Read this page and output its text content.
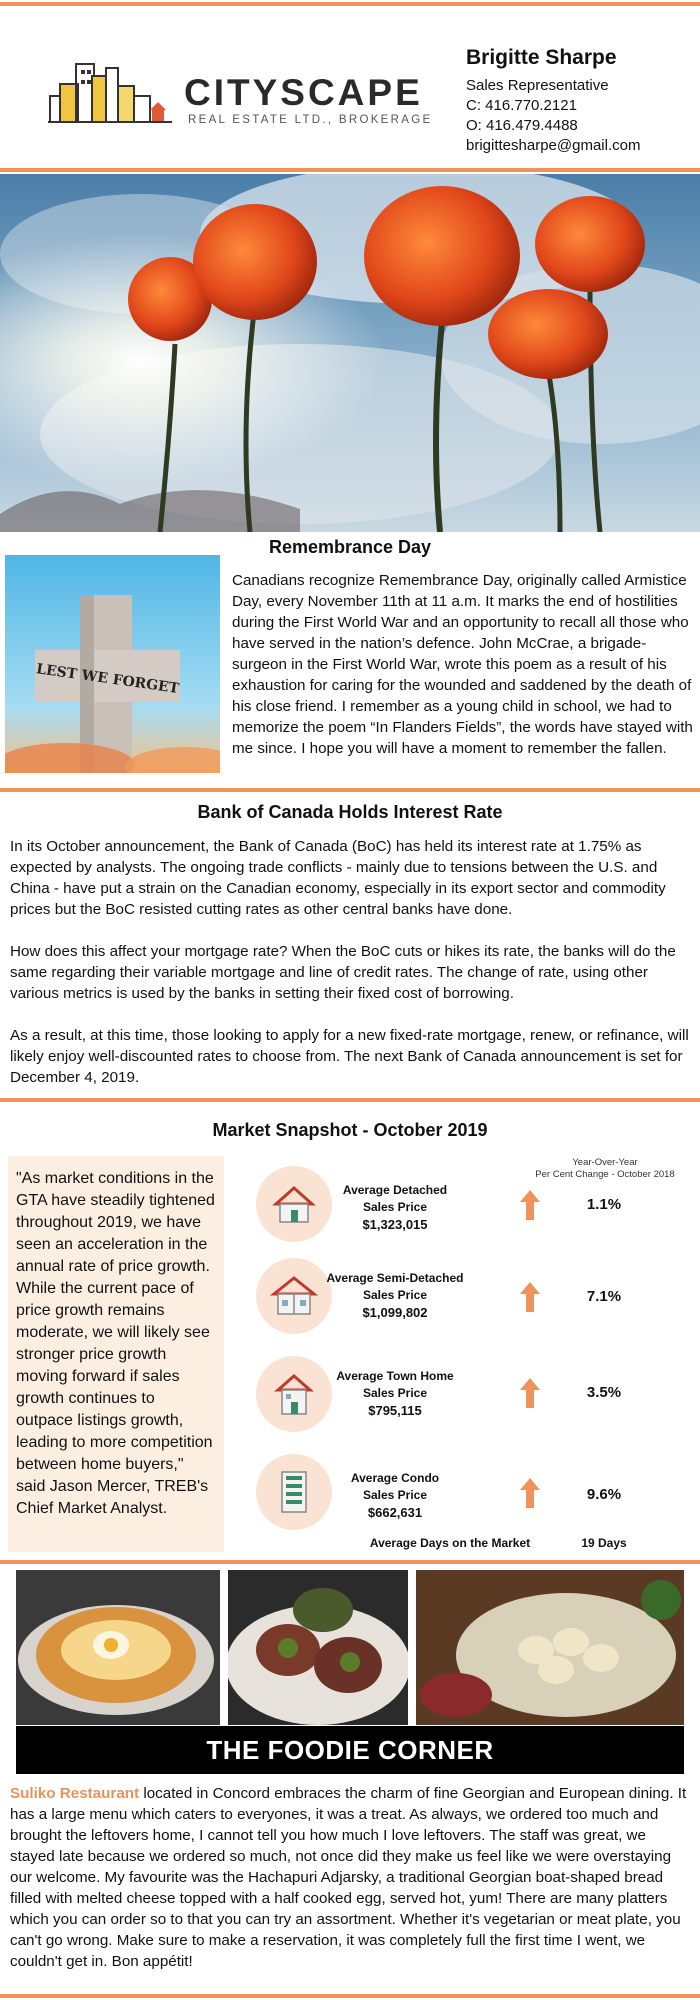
CITYSCAPE
REAL ESTATE LTD., BROKERAGE
Brigitte Sharpe
Sales Representative
C: 416.770.2121
O: 416.479.4488
brigittesharpe@gmail.com
Remembrance Day
LEST WE FORGET
Canadians recognize Remembrance Day, originally called Armistice Day, every November 11th at 11 a.m. It marks the end of hostilities during the First World War and an opportunity to recall all those who have served in the nation’s defence. John McCrae, a brigade-surgeon in the First World War, wrote this poem as a result of his exhaustion for caring for the wounded and saddened by the death of his close friend. I remember as a young child in school, we had to memorize the poem “In Flanders Fields”, the words have stayed with me since. I hope you will have a moment to remember the fallen.
Bank of Canada Holds Interest Rate

In its October announcement, the Bank of Canada (BoC) has held its interest rate at 1.75% as expected by analysts. The ongoing trade conflicts - mainly due to tensions between the U.S. and China - have put a strain on the Canadian economy, especially in its export sector and commodity prices but the BoC resisted cutting rates as other central banks have done.

How does this affect your mortgage rate? When the BoC cuts or hikes its rate, the banks will do the same regarding their variable mortgage and line of credit rates. The change of rate, using other various metrics is used by the banks in setting their fixed cost of borrowing.

As a result, at this time, those looking to apply for a new fixed-rate mortgage, renew, or refinance, will likely enjoy well-discounted rates to choose from. The next Bank of Canada announcement is set for December 4, 2019.

Market Snapshot - October 2019
"As market conditions in the GTA have steadily tightened throughout 2019, we have seen an acceleration in the annual rate of price growth. While the current pace of price growth remains moderate, we will likely see stronger price growth moving forward if sales growth continues to outpace listings growth, leading to more competition between home buyers," said Jason Mercer, TREB's Chief Market Analyst.
Year-Over-Year
Per Cent Change - October 2018
Average Detached
Sales Price
$1,323,015
1.1%
Average Semi-Detached
Sales Price
$1,099,802
7.1%
Average Town Home
Sales Price
$795,115
3.5%
Average Condo
Sales Price
$662,631
9.6%
Average Days on the Market	19 Days
THE FOODIE CORNER
Suliko Restaurant located in Concord embraces the charm of fine Georgian and European dining. It has a large menu which caters to everyones, it was a treat. As always, we ordered too much and brought the leftovers home, I cannot tell you how much I love leftovers. The staff was great, we stayed late because we ordered so much, not once did they make us feel like we were overstaying our welcome. My favourite was the Hachapuri Adjarsky, a traditional Georgian boat-shaped bread filled with melted cheese topped with a half cooked egg, served hot, yum! There are many platters which you can order so to that you can try an assortment. Whether it's vegetarian or meat plate, you can't go wrong. Make sure to make a reservation, it was completely full the first time I went, we couldn't get in. Bon appétit!
